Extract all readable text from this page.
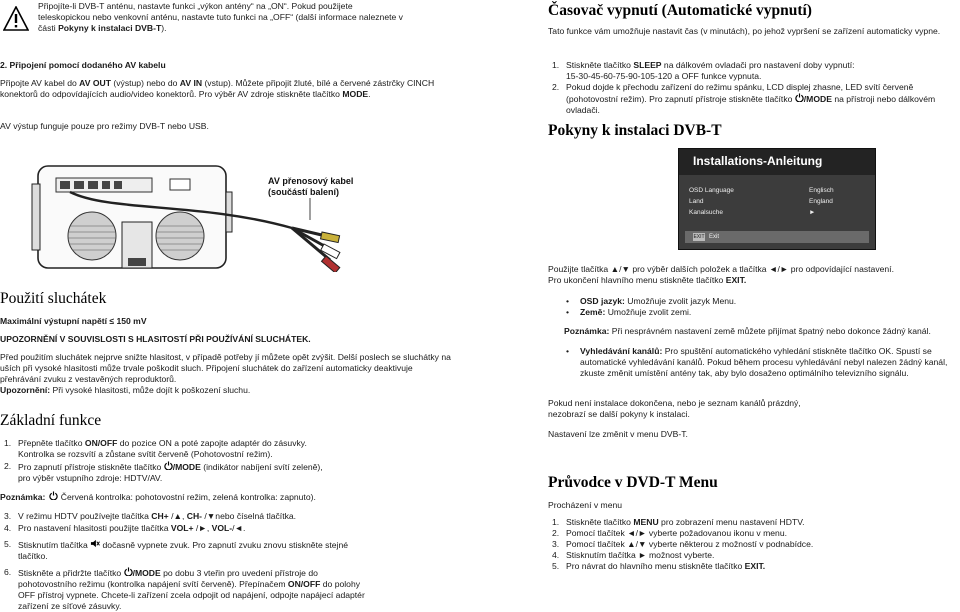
Připojíte-li DVB-T anténu, nastavte funkci „výkon antény“ na „ON“. Pokud použijete teleskopickou nebo venkovní anténu, nastavte tuto funkci na „OFF“ (další informace naleznete v části Pokyny k instalaci DVB-T).

2. Připojení pomocí dodaného AV kabelu

Připojte AV kabel do AV OUT (výstup) nebo do AV IN (vstup). Můžete připojit žluté, bílé a červené zástrčky CINCH konektorů do odpovídajících audio/video konektorů. Pro výběr AV zdroje stiskněte tlačítko MODE.

AV výstup funguje pouze pro režimy DVB-T nebo USB.

AV přenosový kabel
(součástí balení)

Použití sluchátek

Maximální výstupní napětí ≤ 150 mV

UPOZORNĚNÍ V SOUVISLOSTI S HLASITOSTÍ PŘI POUŽÍVÁNÍ SLUCHÁTEK.

Před použitím sluchátek nejprve snižte hlasitost, v případě potřeby jí můžete opět zvýšit. Delší poslech se sluchátky na uších při vysoké hlasitosti může trvale poškodit sluch. Připojení sluchátek do zařízení automaticky deaktivuje přehrávání zvuku z vestavěných reproduktorů.

Upozornění: Při vysoké hlasitosti, může dojít k poškození sluchu.

Základní funkce

1. Přepněte tlačítko ON/OFF do pozice ON a poté zapojte adaptér do zásuvky.
Kontrolka se rozsvítí a zůstane svítit červeně (Pohotovostní režim).
2. Pro zapnutí přístroje stiskněte tlačítko /MODE (indikátor nabíjení svítí zeleně),
pro výběr vstupního zdroje: HDTV/AV.

Poznámka: Červená kontrolka: pohotovostní režim, zelená kontrolka: zapnuto).

3. V režimu HDTV používejte tlačítka CH+ /▲, CH- /▼nebo číselná tlačítka.
4. Pro nastavení hlasitosti použijte tlačítka VOL+ /►, VOL-/◄.
5. Stisknutím tlačítka  dočasně vypnete zvuk. Pro zapnutí zvuku znovu stiskněte stejné tlačítko.
6. Stiskněte a přidržte tlačítko /MODE po dobu 3 vteřin pro uvedení přístroje do pohotovostního režimu (kontrolka napájení svítí červeně). Přepínačem ON/OFF do polohy OFF přístroj vypnete. Chcete-li zařízení zcela odpojit od napájení, odpojte napájecí adaptér zařízení ze síťové zásuvky.

Časovač vypnutí (Automatické vypnutí)

Tato funkce vám umožňuje nastavit čas (v minutách), po jehož vypršení se zařízení automaticky vypne.

1. Stiskněte tlačítko SLEEP na dálkovém ovladači pro nastavení doby vypnutí:
15-30-45-60-75-90-105-120 a OFF funkce vypnuta.
2. Pokud dojde k přechodu zařízení do režimu spánku, LCD displej zhasne, LED svítí červeně (pohotovostní režim). Pro zapnutí přístroje stiskněte tlačítko /MODE na přístroji nebo dálkovém ovladači.

Pokyny k instalaci DVB-T

Installations-Anleitung
OSD Language	Englisch
Land	England
Kanalsuche	►
EXIT Exit

Použijte tlačítka ▲/▼ pro výběr dalších položek a tlačítka ◄/► pro odpovídající nastavení.
Pro ukončení hlavního menu stiskněte tlačítko EXIT.

• OSD jazyk: Umožňuje zvolit jazyk Menu.
• Země: Umožňuje zvolit zemi.

Poznámka: Při nesprávném nastavení země můžete přijímat špatný nebo dokonce žádný kanál.

• Vyhledávání kanálů: Pro spuštění automatického vyhledání stiskněte tlačítko OK. Spustí se automatické vyhledávání kanálů. Pokud během procesu vyhledávání nebyl nalezen žádný kanál, zkuste změnit umístění antény tak, aby bylo dosaženo optimálního televizního signálu.

Pokud není instalace dokončena, nebo je seznam kanálů prázdný, nezobrazí se další pokyny k instalaci.

Nastavení lze změnit v menu DVB-T.

Průvodce v DVD-T Menu

Procházení v menu

1. Stiskněte tlačítko MENU pro zobrazení menu nastavení HDTV.
2. Pomocí tlačítek ◄/► vyberte požadovanou ikonu v menu.
3. Pomocí tlačítek ▲/▼ vyberte některou z možností v podnabídce.
4. Stisknutím tlačítka ► možnost vyberte.
5. Pro návrat do hlavního menu stiskněte tlačítko EXIT.
